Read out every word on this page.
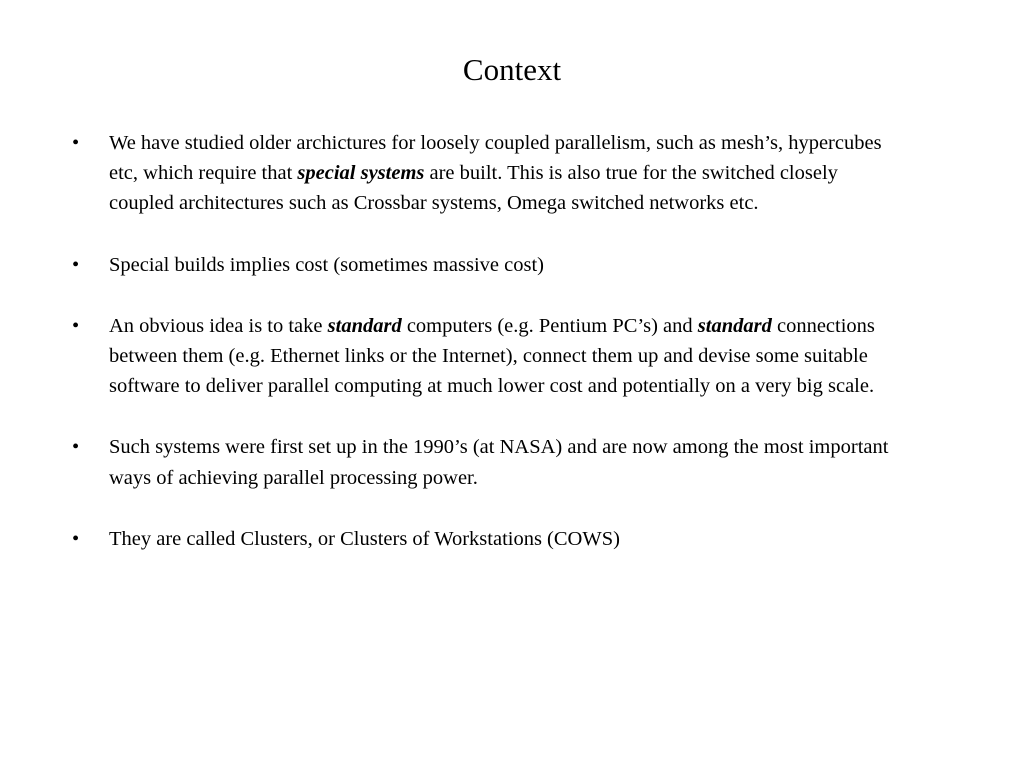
Context
•	We have studied older archictures for loosely coupled parallelism, such as mesh’s, hypercubes etc, which require that special systems are built. This is also true for the switched closely coupled architectures such as Crossbar systems, Omega switched networks etc.
•	Special builds implies cost (sometimes massive cost)
•	An obvious idea is to take standard computers (e.g. Pentium PC’s) and standard connections between them (e.g. Ethernet links or the Internet), connect them up and devise some suitable software to deliver parallel computing at much lower cost and potentially on a very big scale.
•	Such systems were first set up in the 1990’s (at NASA) and are now among the most important ways of achieving parallel processing power.
•	They are called Clusters, or Clusters of Workstations (COWS)
